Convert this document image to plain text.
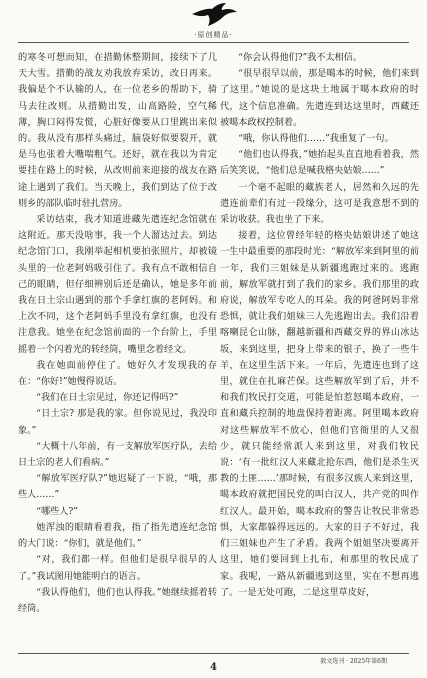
·原创精品·

的寒冬可想而知，在措勤休整期间，接续下了几天大雪。措勤的战友劝我放弃采访，改日再来。我偏是个不认输的人，在一位老乡的帮助下，骑马去往改则。从措勤出发，山高路险，空气稀薄，胸口闷得发慌，心脏好像要从口里跳出来似的。我从没有那样头痛过，脑袋好似要裂开，就是马也张着大嘴喘粗气。还好，就在我以为肯定要挂在路上的时候，从改则前来迎接的战友在路途上遇到了我们。当天晚上，我们到达了位于改则乡的部队临时驻扎营房。

采访结束，我才知道进藏先遣连纪念馆就在这附近。那天没啥事，我一个人溜达过去。到达纪念馆门口，我刚举起相机要拍张照片，却被镜头里的一位老阿妈吸引住了。我有点不敢相信自己的眼睛，但仔细辨别后还是确认，她是多年前我在日土宗山遇到的那个手拿红旗的老阿妈。和上次不同，这个老阿妈手里没有拿红旗，也没有注意我。她坐在纪念馆前面的一个台阶上，手里摇着一个闪着光的转经筒，嘴里念着经文。

我在她面前停住了。她好久才发现我的存在：“你好!”她慢得说话。

“我们在日土宗见过，你还记得吗?”

“日土宗? 那是我的家。但你说见过，我没印象。”

“大概十八年前，有一支解放军医疗队，去给日土宗的老人们看病。”

“解放军医疗队?”她迟疑了一下说，“哦，那些人……”

“哪些人?”

她浑浊的眼睛看着我，指了指先遣连纪念馆的大门说：“你们，就是他们。”

“对，我们都一样。但他们是很早很早的人了。”我试图用她能明白的语言。

“我认得他们，他们也认得我。”她继续摇着转经筒。

“你会认得他们?”我不太相信。

“很早很早以前，那是噶本的时候，他们来到了这里。”她说的是这块土地属于噶本政府的时代，这个信息准确。先遣连到达这里时，西藏还被噶本政权控制着。

“哦，你认得他们……”我重复了一句。

“他们也认得我，”她抬起头直直地看着我，然后笑笑说，“他们总是喊我格央姑娘……”

一个毫不起眼的藏族老人，居然和久远的先遣连前辈们有过一段缘分，这可是我意想不到的采访收获。我也坐了下来。

接着，这位曾经年轻的格央姑娘讲述了她这一生中最重要的那段时光：“解放军来到阿里的前一年，我们三姐妹是从新疆逃跑过来的。逃跑前，解放军就打到了我们的家乡。我们那里的政府说，解放军专吃人的耳朵。我的阿爸阿妈非常恐惧，就让我们姐妹三人先逃跑出去。我们沿着喀喇昆仑山脉，翻越新疆和西藏交界的界山冰达坂，来到这里，把身上带来的银子，换了一些牛羊，在这里生活下来。一年后，先遣连也到了这里，就住在扎麻芒保。这些解放军到了后，并不和我们牧民打交道，可能是怕惹怒噶本政府，一直和藏兵控制的地盘保持着距离。阿里噶本政府对这些解放军不放心，但他们官衙里的人又很少，就只能经常派人来到这里，对我们牧民说：‘有一批红汉人来藏北抢东西，他们是杀生灭教的土匪……’那时候，有很多汉族人来到这里，噶本政府就把国民党的叫白汉人，共产党的叫作红汉人。最开始，噶本政府的警告让牧民非常恐惧，大家都躲得远远的。大家的日子不好过，我们三姐妹也产生了矛盾。我两个姐姐坚决要离开这里，她们要回到上扎布，和那里的牧民成了家。我呢，一路从新疆逃到这里，实在不想再逃了。一是无处可跑，二是这里草皮好，

散文选刊 · 2025年第6期
4
